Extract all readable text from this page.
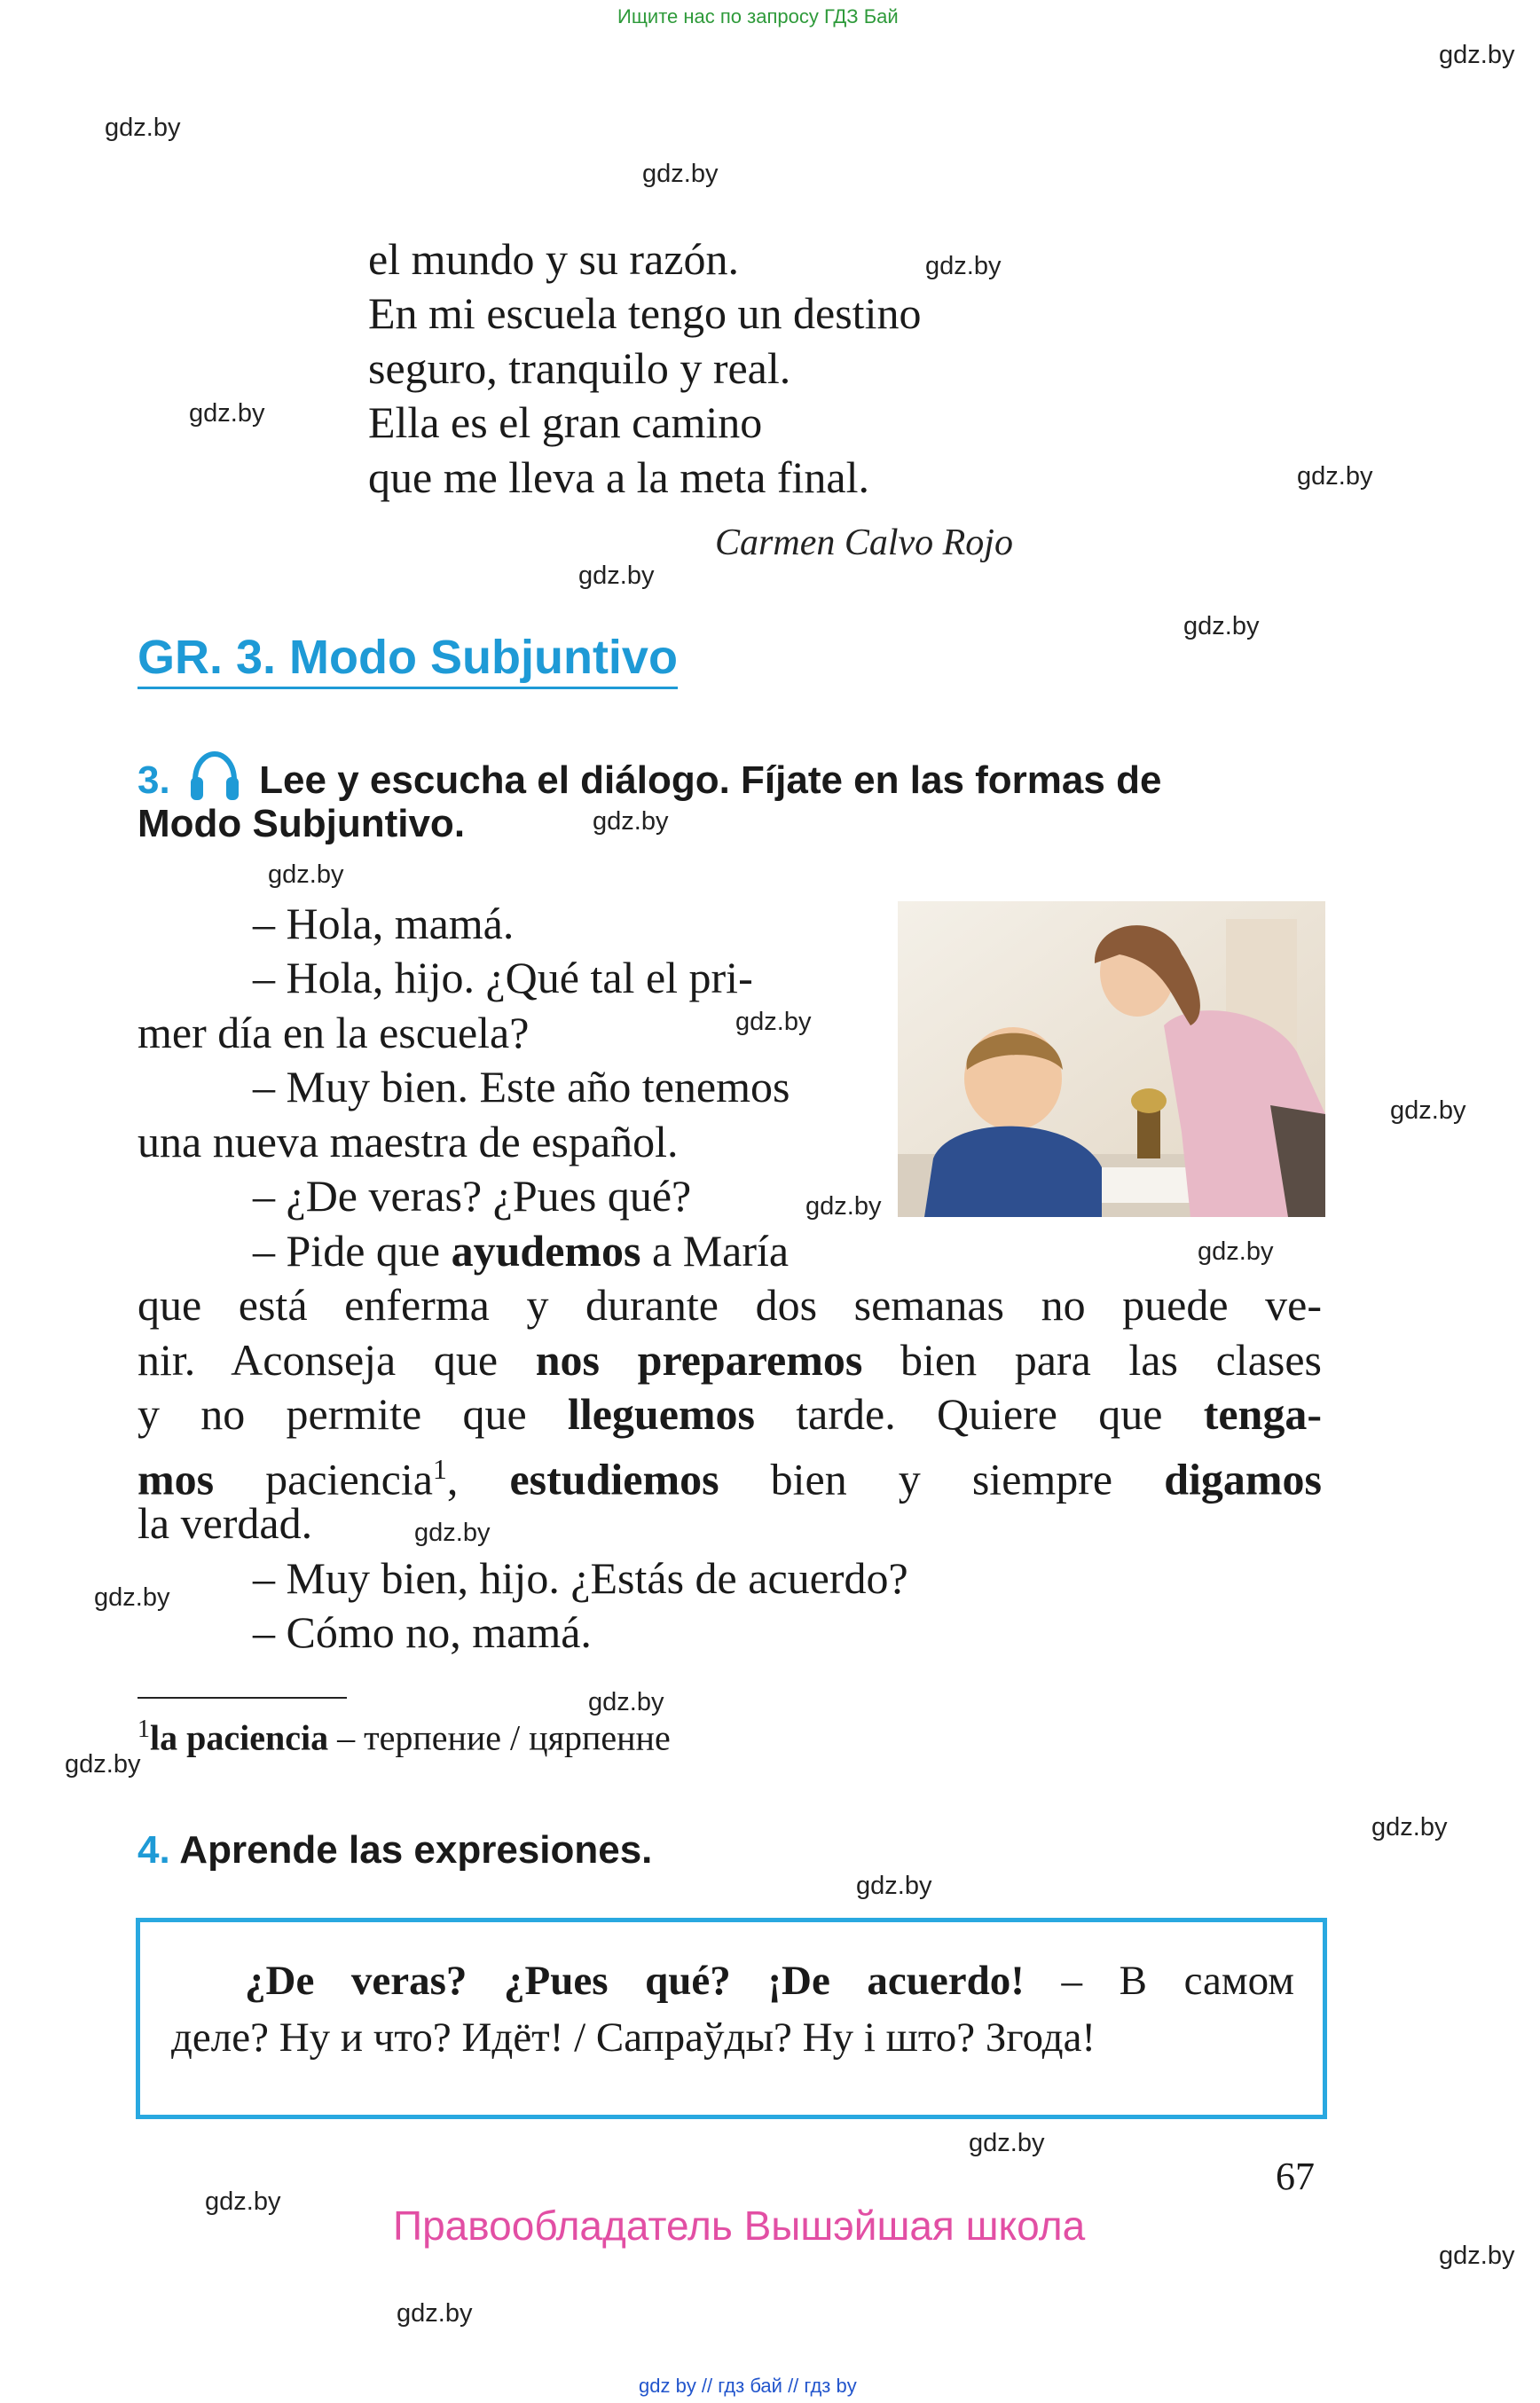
Ищите нас по запросу ГДЗ Бай
gdz.by
gdz.by
gdz.by
gdz.by
gdz.by
gdz.by
gdz.by
gdz.by
gdz.by
gdz.by
gdz.by
gdz.by
gdz.by
gdz.by
gdz.by
gdz.by
gdz.by
gdz.by
gdz.by
gdz.by
gdz.by
gdz.by
gdz.by
gdz.by
el mundo y su razón.
En mi escuela tengo un destino
seguro, tranquilo y real.
Ella es el gran camino
que me lleva a la meta final.
Carmen Calvo Rojo
GR. 3. Modo Subjuntivo
3. Lee y escucha el diálogo. Fíjate en las formas de
Modo Subjuntivo.
– Hola, mamá.
– Hola, hijo. ¿Qué tal el pri-
mer día en la escuela?
– Muy bien. Este año tenemos
una nueva maestra de español.
– ¿De veras? ¿Pues qué?
– Pide que ayudemos a María
que está enferma y durante dos semanas no puede ve-
nir. Aconseja que nos preparemos bien para las clases
y no permite que lleguemos tarde. Quiere que tenga-
mos paciencia$^1$, estudiemos bien y siempre digamos
la verdad.
– Muy bien, hijo. ¿Estás de acuerdo?
– Cómo no, mamá.
$^1$la paciencia – терпение / цярпенне
4. Aprende las expresiones.
¿De veras? ¿Pues qué? ¡De acuerdo! – В самом
деле? Ну и что? Идёт! / Сапраўды? Ну і што? Згода!
67
Правообладатель Вышэйшая школа
gdz by // гдз бай // гдз by
